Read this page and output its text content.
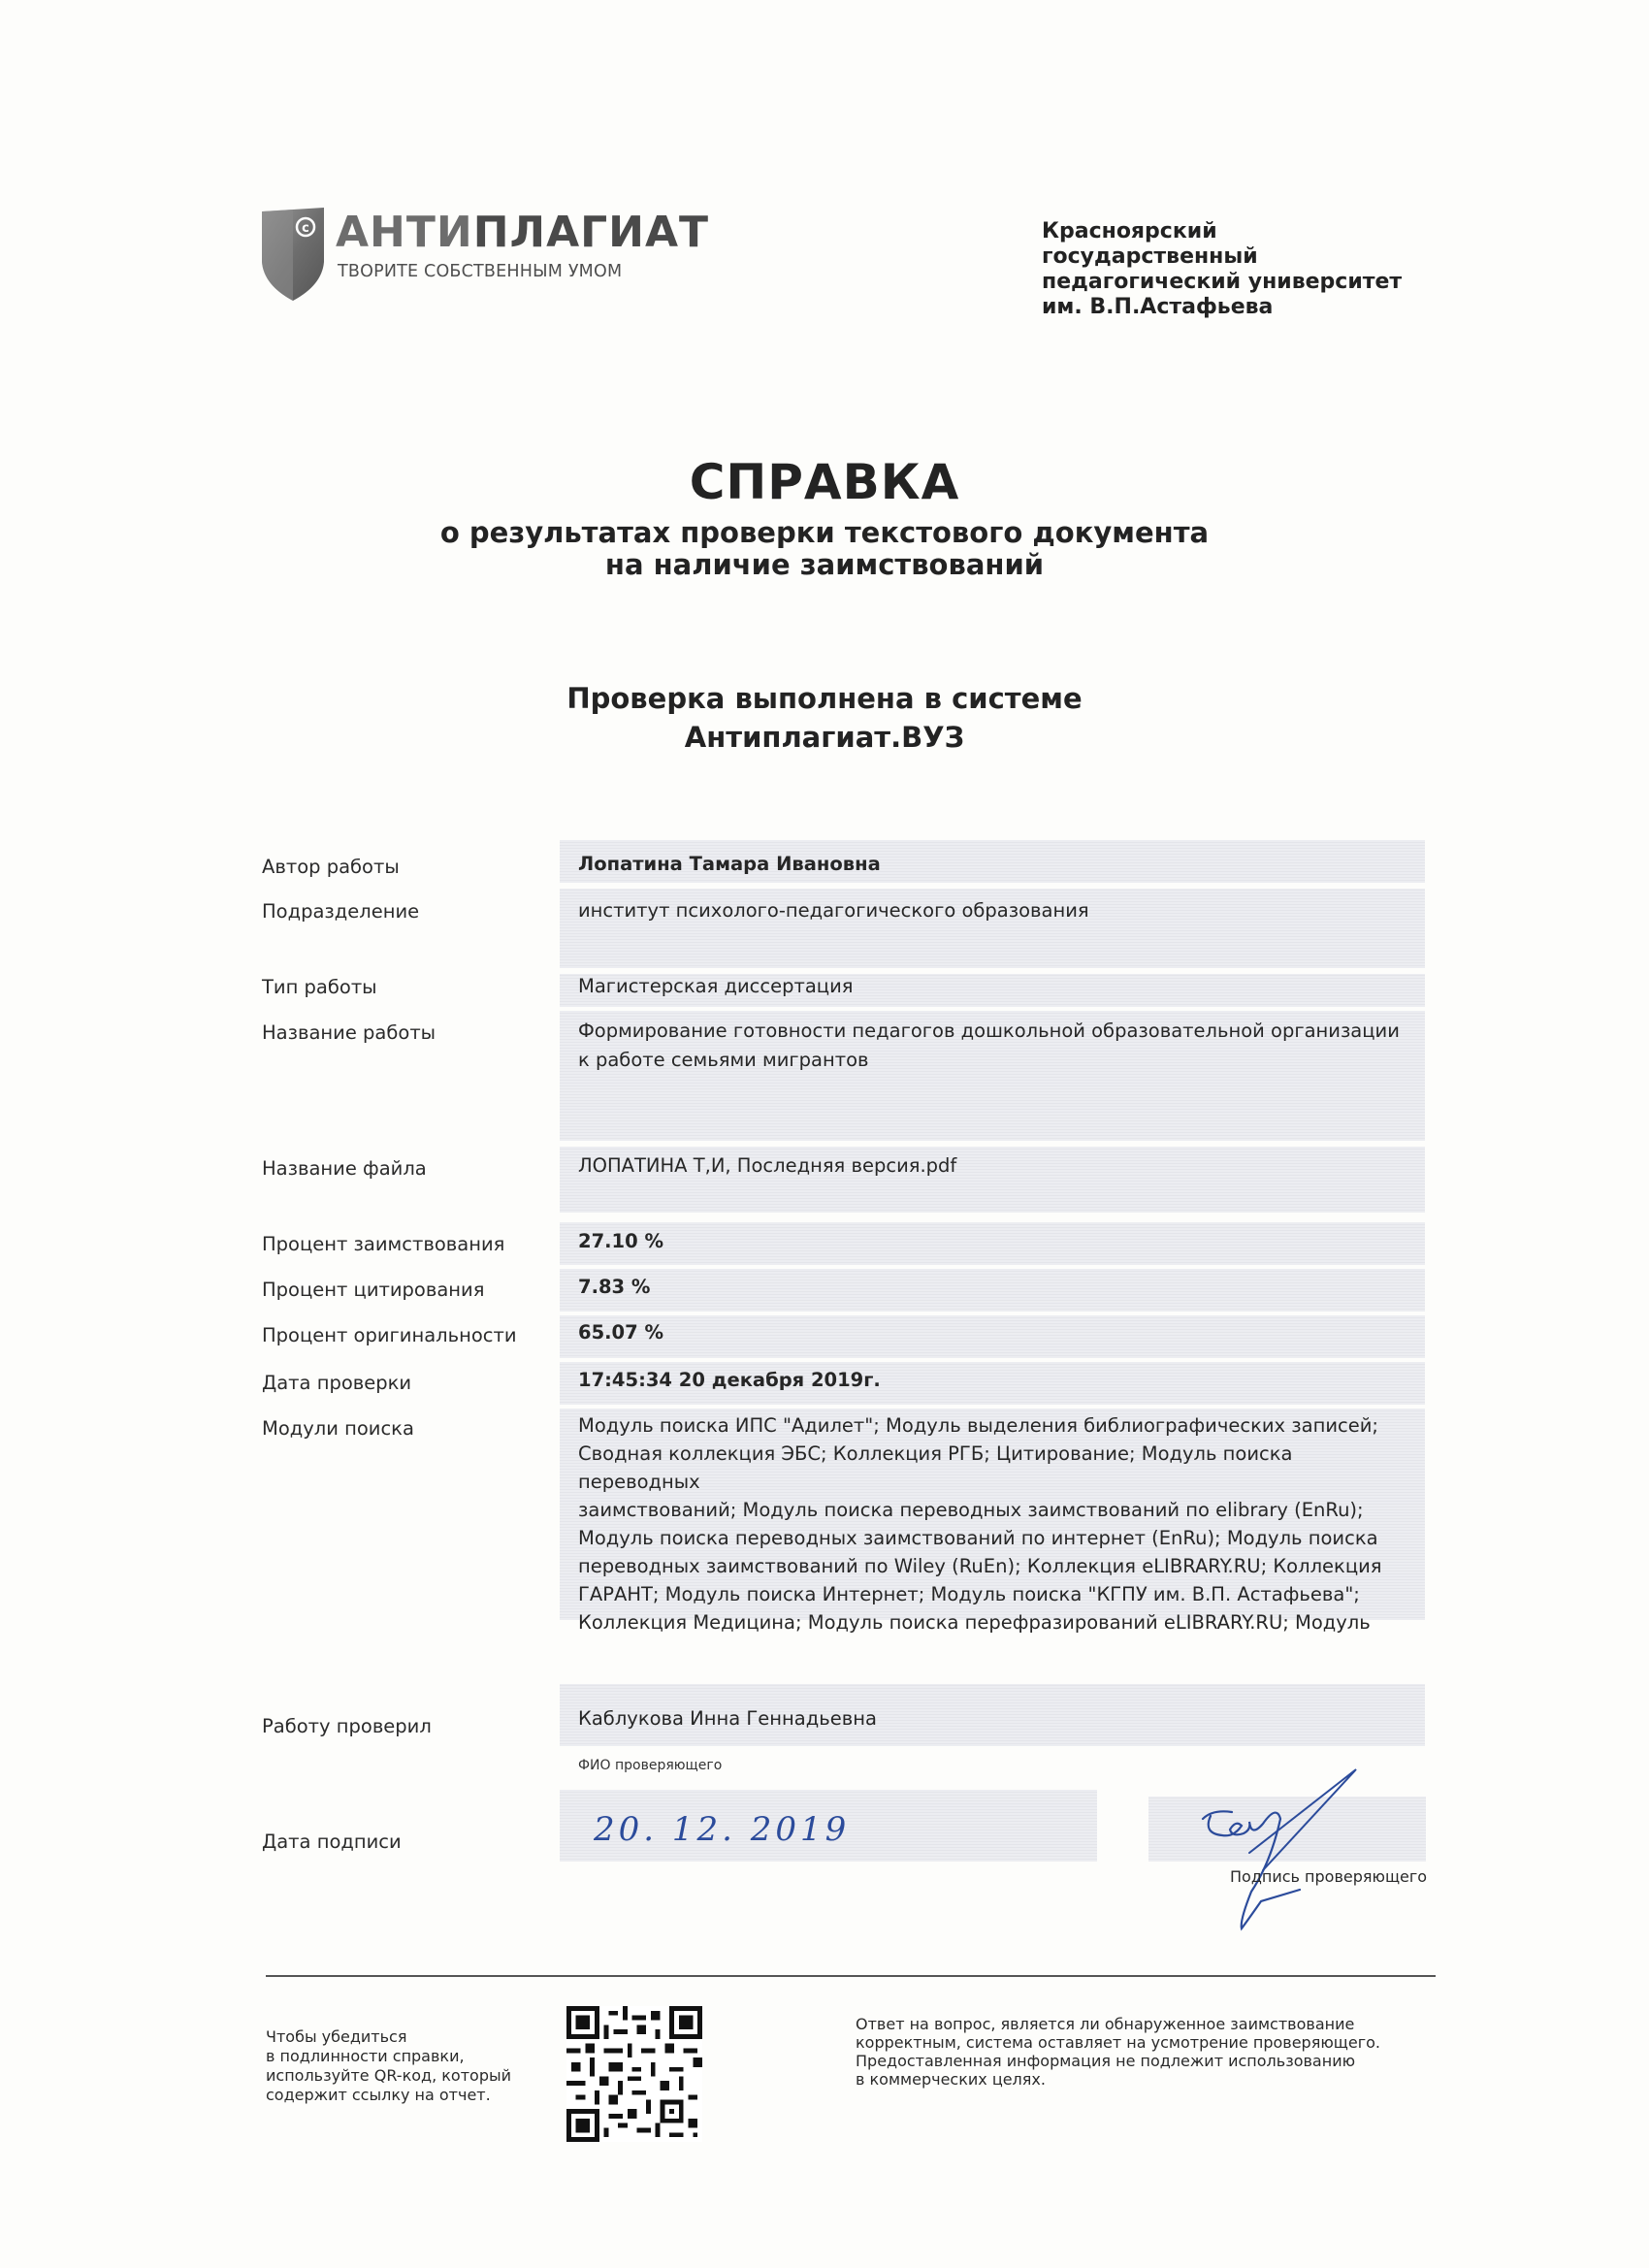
c АНТИПЛАГИАТ
ТВОРИТЕ СОБСТВЕННЫМ УМОМ
Красноярский
государственный
педагогический университет
им. В.П.Астафьева
СПРАВКА
о результатах проверки текстового документа
на наличие заимствований
Проверка выполнена в системе
Антиплагиат.ВУЗ
Автор работы
Подразделение
Тип работы
Название работы
Название файла
Процент заимствования
Процент цитирования
Процент оригинальности
Дата проверки
Модули поиска
Лопатина Тамара Ивановна
институт психолого-педагогического образования
Магистерская диссертация
Формирование готовности педагогов дошкольной образовательной организации
к работе семьями мигрантов
ЛОПАТИНА Т,И, Последняя версия.pdf
27.10 %
7.83 %
65.07 %
17:45:34 20 декабря 2019г.
Модуль поиска ИПС "Адилет"; Модуль выделения библиографических записей;
Сводная коллекция ЭБС; Коллекция РГБ; Цитирование; Модуль поиска переводных
заимствований; Модуль поиска переводных заимствований по elibrary (EnRu);
Модуль поиска переводных заимствований по интернет (EnRu); Модуль поиска
переводных заимствований по Wiley (RuEn); Коллекция eLIBRARY.RU; Коллекция
ГАРАНТ; Модуль поиска Интернет; Модуль поиска "КГПУ им. В.П. Астафьева";
Коллекция Медицина; Модуль поиска перефразирований eLIBRARY.RU; Модуль
Работу проверил	Каблукова Инна Геннадьевна
ФИО проверяющего
Дата подписи	20. 12. 2019
Подпись проверяющего
Чтобы убедиться
в подлинности справки,
используйте QR-код, который
содержит ссылку на отчет.
Ответ на вопрос, является ли обнаруженное заимствование
корректным, система оставляет на усмотрение проверяющего.
Предоставленная информация не подлежит использованию
в коммерческих целях.
